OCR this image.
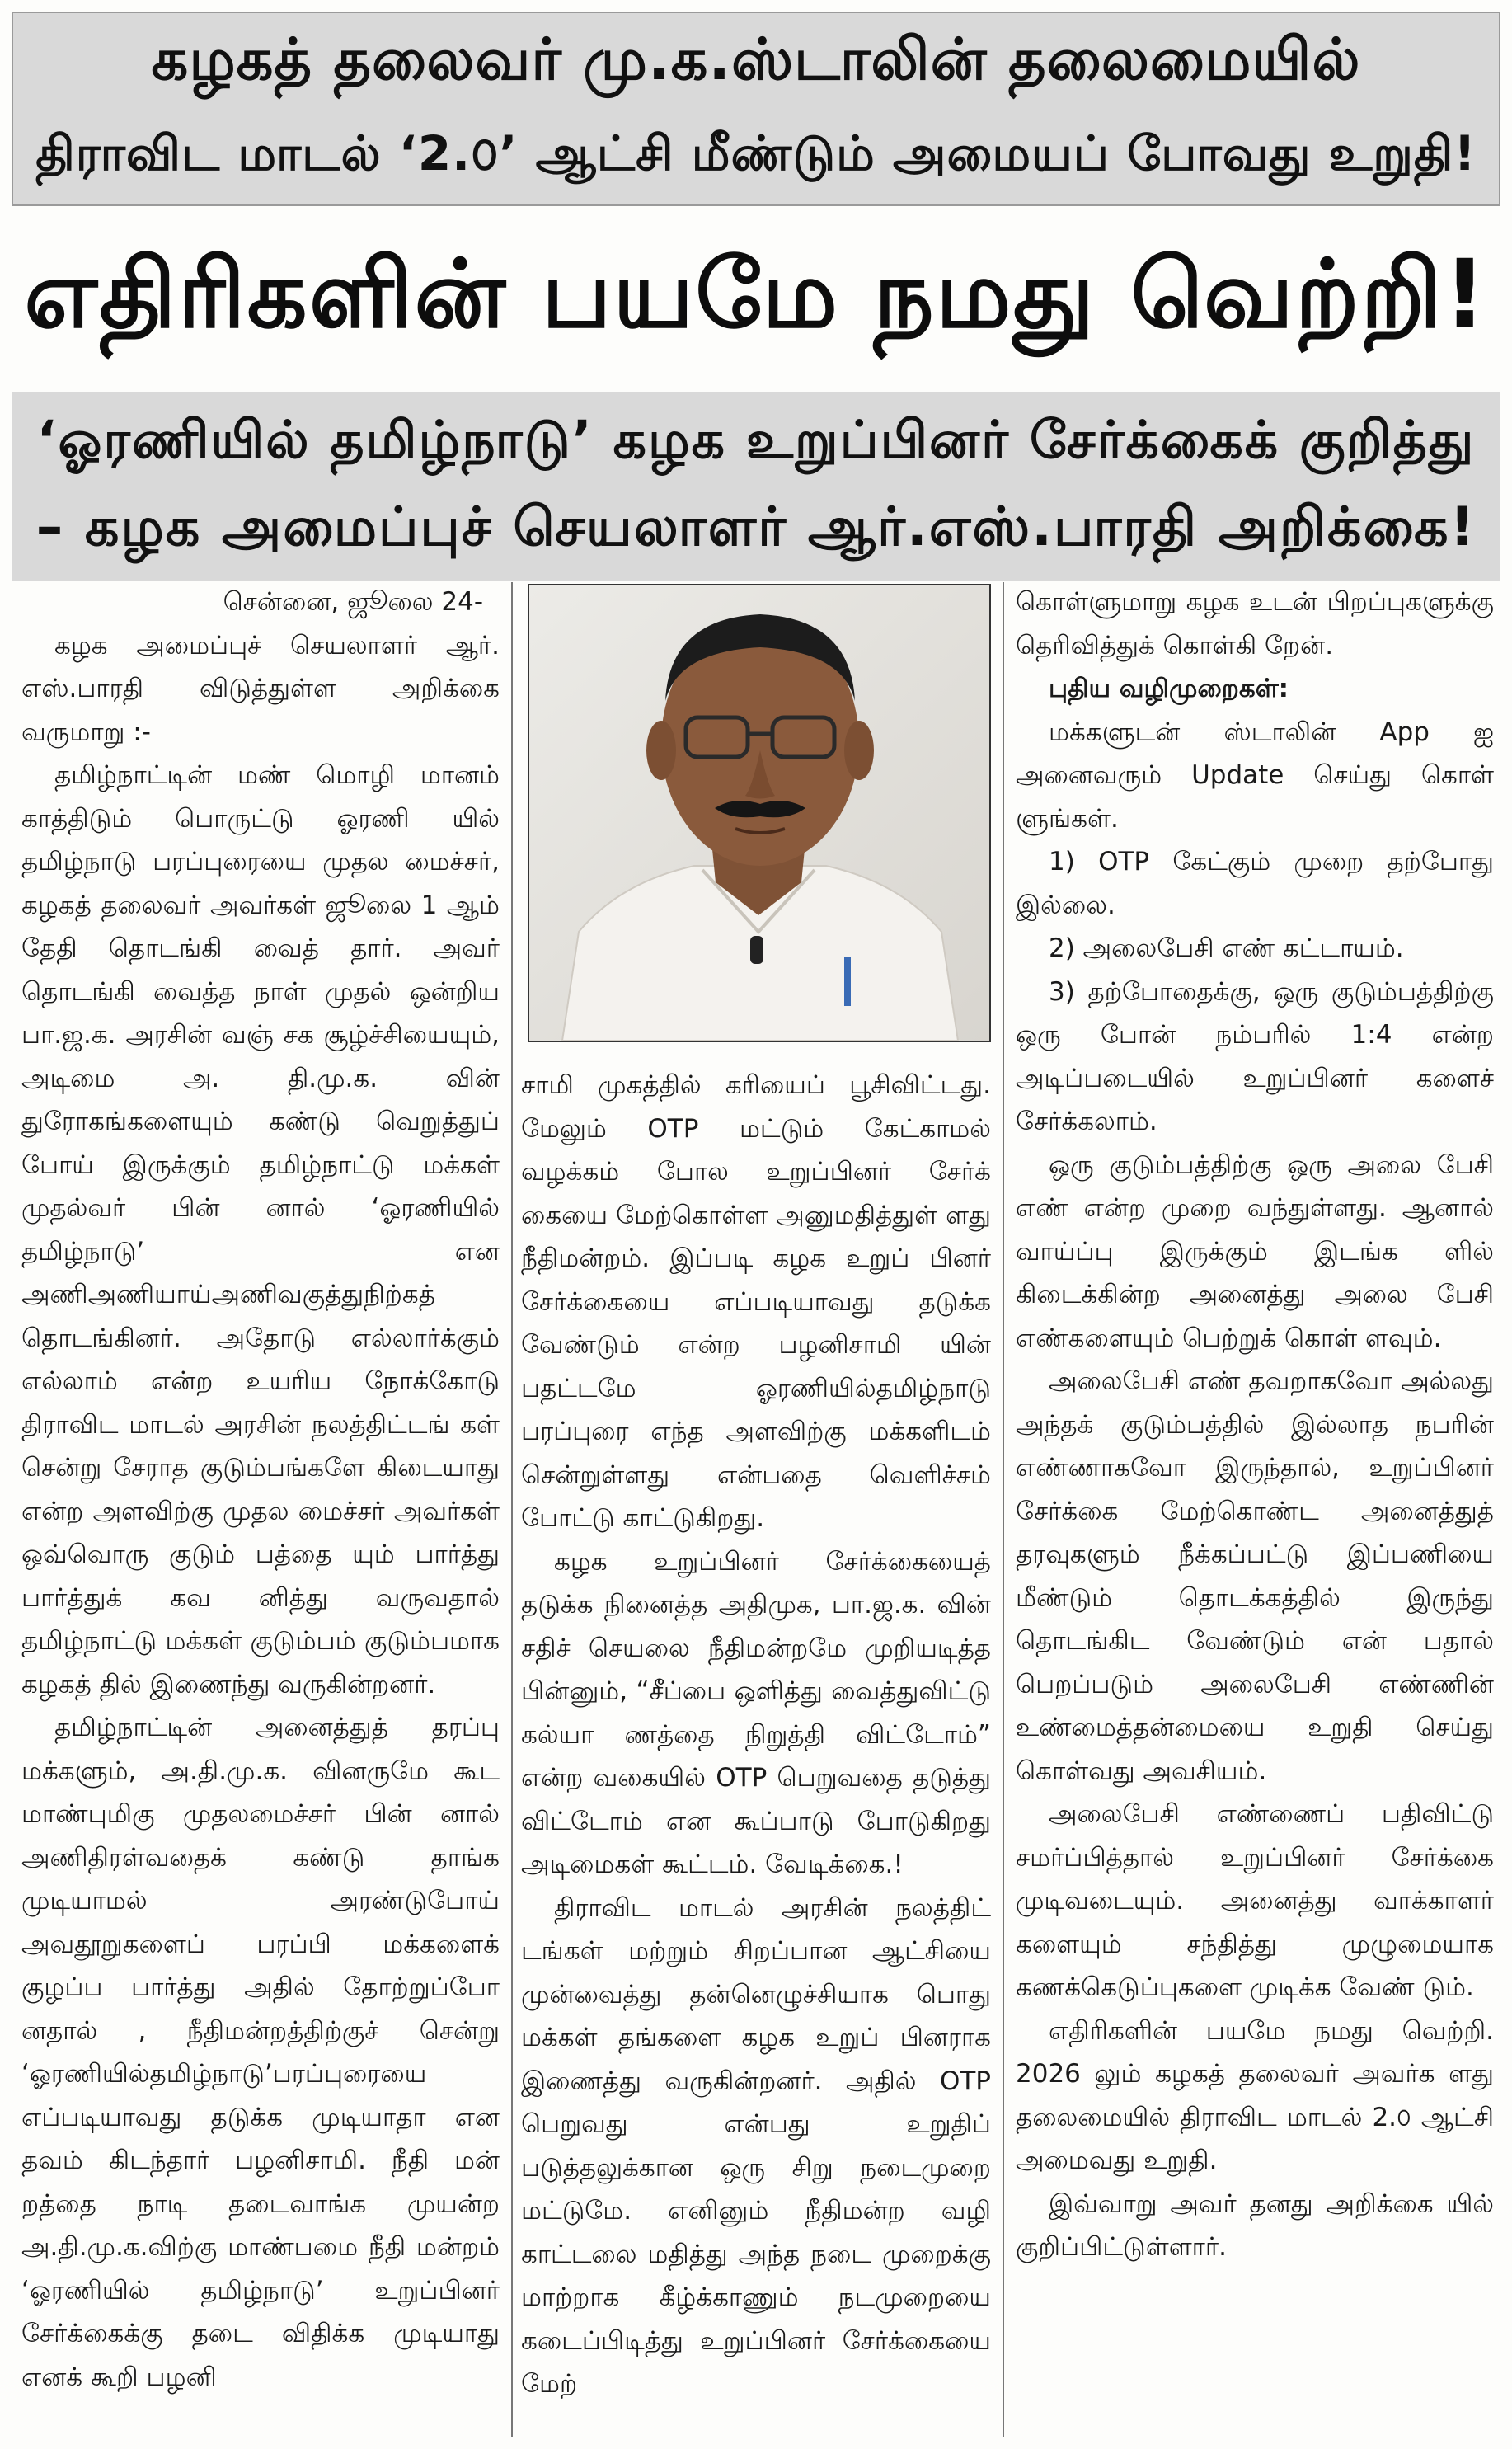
கழகத் தலைவர் மு.க.ஸ்டாலின் தலைமையில்
திராவிட மாடல் ‘2.௦’ ஆட்சி மீண்டும் அமையப் போவது உறுதி!
எதிரிகளின் பயமே நமது வெற்றி!
‘ஓரணியில் தமிழ்நாடு’ கழக உறுப்பினர் சேர்க்கைக் குறித்து
– கழக அமைப்புச் செயலாளர் ஆர்.எஸ்.பாரதி அறிக்கை!

சென்னை, ஜூலை 24-

கழக அமைப்புச் செயலாளர் ஆர். எஸ்.பாரதி விடுத்துள்ள அறிக்கை வருமாறு :-

தமிழ்நாட்டின் மண் மொழி மானம் காத்திடும் பொருட்டு ஓரணி யில் தமிழ்நாடு பரப்புரையை முதல மைச்சர், கழகத் தலைவர் அவர்கள் ஜூலை 1 ஆம் தேதி தொடங்கி வைத் தார். அவர் தொடங்கி வைத்த நாள் முதல் ஒன்றிய பா.ஜ.க. அரசின் வஞ் சக சூழ்ச்சியையும், அடிமை அ. தி.மு.க. வின் துரோகங்களையும் கண்டு வெறுத்துப் போய் இருக்கும் தமிழ்நாட்டு மக்கள் முதல்வர் பின் னால் ‘ஓரணியில் தமிழ்நாடு’ என அணிஅணியாய்அணிவகுத்துநிற்கத் தொடங்கினர். அதோடு எல்லார்க்கும் எல்லாம் என்ற உயரிய நோக்கோடு திராவிட மாடல் அரசின் நலத்திட்டங் கள் சென்று சேராத குடும்பங்களே கிடையாது என்ற அளவிற்கு முதல மைச்சர் அவர்கள் ஒவ்வொரு குடும் பத்தை யும் பார்த்து பார்த்துக் கவ னித்து வருவதால் தமிழ்நாட்டு மக்கள் குடும்பம் குடும்பமாக கழகத் தில் இணைந்து வருகின்றனர்.

தமிழ்நாட்டின் அனைத்துத் தரப்பு மக்களும், அ.தி.மு.க. வினருமே கூட மாண்புமிகு முதலமைச்சர் பின் னால் அணிதிரள்வதைக் கண்டு தாங்க முடியாமல் அரண்டுபோய் அவதூறுகளைப் பரப்பி மக்களைக் குழப்ப பார்த்து அதில் தோற்றுப்போ னதால் , நீதிமன்றத்திற்குச் சென்று ‘ஓரணியில்தமிழ்நாடு’பரப்புரையை எப்படியாவது தடுக்க முடியாதா என தவம் கிடந்தார் பழனிசாமி. நீதி மன் றத்தை நாடி தடைவாங்க முயன்ற அ.தி.மு.க.விற்கு மாண்பமை நீதி மன்றம் ‘ஓரணியில் தமிழ்நாடு’ உறுப்பினர் சேர்க்கைக்கு தடை விதிக்க முடியாது எனக் கூறி பழனி

சாமி முகத்தில் கரியைப் பூசிவிட்டது. மேலும் OTP மட்டும் கேட்காமல் வழக்கம் போல உறுப்பினர் சேர்க் கையை மேற்கொள்ள அனுமதித்துள் ளது நீதிமன்றம். இப்படி கழக உறுப் பினர் சேர்க்கையை எப்படியாவது தடுக்க வேண்டும் என்ற பழனிசாமி யின் பதட்டமே ஓரணியில்தமிழ்நாடு பரப்புரை எந்த அளவிற்கு மக்களிடம் சென்றுள்ளது என்பதை வெளிச்சம் போட்டு காட்டுகிறது.

கழக உறுப்பினர் சேர்க்கையைத் தடுக்க நினைத்த அதிமுக, பா.ஜ.க. வின் சதிச் செயலை நீதிமன்றமே முறியடித்த பின்னும், “சீப்பை ஒளித்து வைத்துவிட்டு கல்யா ணத்தை நிறுத்தி விட்டோம்” என்ற வகையில் OTP பெறுவதை தடுத்து விட்டோம் என கூப்பாடு போடுகிறது அடிமைகள் கூட்டம். வேடிக்கை.!

திராவிட மாடல் அரசின் நலத்திட் டங்கள் மற்றும் சிறப்பான ஆட்சியை முன்வைத்து தன்னெழுச்சியாக பொது மக்கள் தங்களை கழக உறுப் பினராக இணைத்து வருகின்றனர். அதில் OTP பெறுவது என்பது உறுதிப் படுத்தலுக்கான ஒரு சிறு நடைமுறை மட்டுமே. எனினும் நீதிமன்ற வழி காட்டலை மதித்து அந்த நடை முறைக்கு மாற்றாக கீழ்க்காணும் நடமுறையை கடைப்பிடித்து உறுப்பினர் சேர்க்கையை மேற்

கொள்ளுமாறு கழக உடன் பிறப்புகளுக்கு தெரிவித்துக் கொள்கி றேன்.

புதிய வழிமுறைகள்:

மக்களுடன் ஸ்டாலின் App ஐ அனைவரும் Update செய்து கொள் ளுங்கள்.

1) OTP கேட்கும் முறை தற்போது இல்லை.

2) அலைபேசி எண் கட்டாயம்.

3) தற்போதைக்கு, ஒரு குடும்பத்திற்கு ஒரு போன் நம்பரில் 1:4 என்ற அடிப்படையில் உறுப்பினர் களைச் சேர்க்கலாம்.

ஒரு குடும்பத்திற்கு ஒரு அலை பேசி எண் என்ற முறை வந்துள்ளது. ஆனால் வாய்ப்பு இருக்கும் இடங்க ளில் கிடைக்கின்ற அனைத்து அலை பேசி எண்களையும் பெற்றுக் கொள் ளவும்.

அலைபேசி எண் தவறாகவோ அல்லது அந்தக் குடும்பத்தில் இல்லாத நபரின் எண்ணாகவோ இருந்தால், உறுப்பினர் சேர்க்கை மேற்கொண்ட அனைத்துத் தரவுகளும் நீக்கப்பட்டு இப்பணியை மீண்டும் தொடக்கத்தில் இருந்து தொடங்கிட வேண்டும் என் பதால் பெறப்படும் அலைபேசி எண்ணின் உண்மைத்தன்மையை உறுதி செய்து கொள்வது அவசியம்.

அலைபேசி எண்ணைப் பதிவிட்டு சமர்ப்பித்தால் உறுப்பினர் சேர்க்கை முடிவடையும். அனைத்து வாக்காளர் களையும் சந்தித்து முழுமையாக கணக்கெடுப்புகளை முடிக்க வேண் டும்.

எதிரிகளின் பயமே நமது வெற்றி. 2026 லும் கழகத் தலைவர் அவர்க ளது தலைமையில் திராவிட மாடல் 2.௦ ஆட்சி அமைவது உறுதி.

இவ்வாறு அவர் தனது அறிக்கை யில் குறிப்பிட்டுள்ளார்.
